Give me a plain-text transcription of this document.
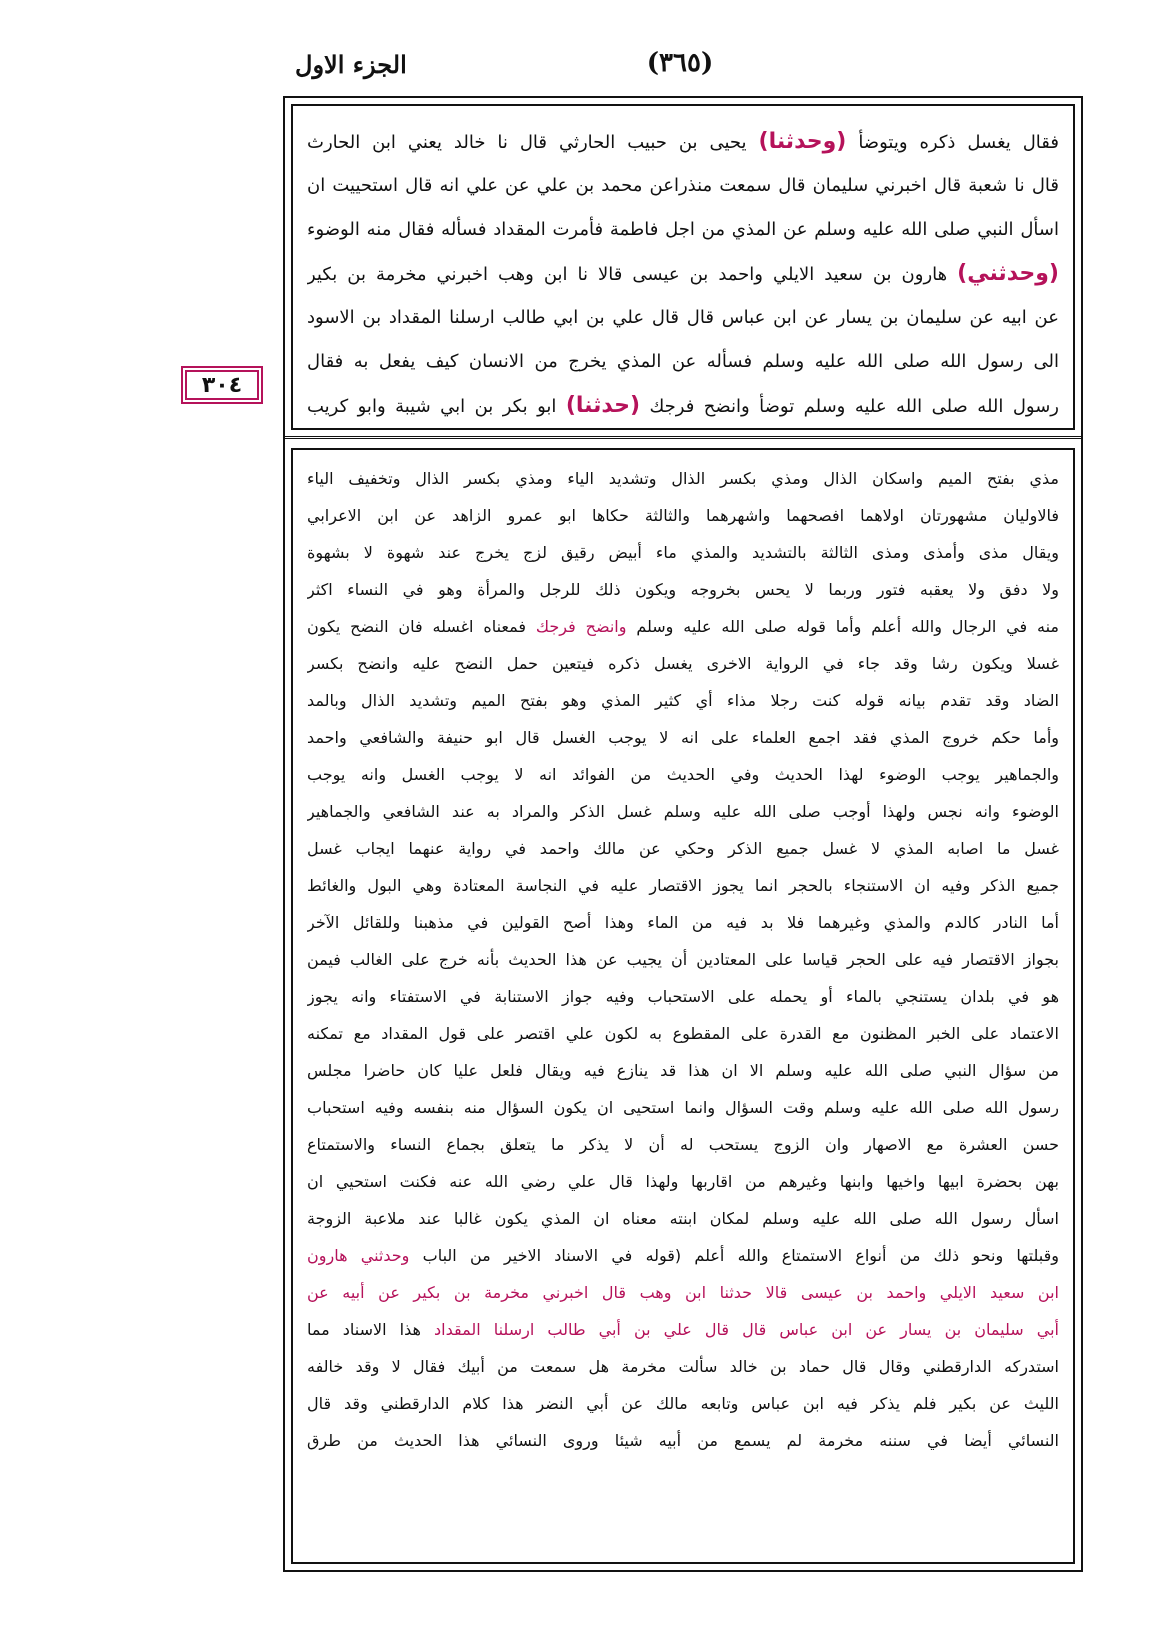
الجزء الاول	(٣٦٥)
٣٠٤
فقال يغسل ذكره ويتوضأ (وحدثنا) يحيى بن حبيب الحارثي قال نا خالد يعني ابن الحارث
قال نا شعبة قال اخبرني سليمان قال سمعت منذراعن محمد بن علي عن علي انه قال استحييت ان
اسأل النبي صلى الله عليه وسلم عن المذي من اجل فاطمة فأمرت المقداد فسأله فقال منه الوضوء
(وحدثني) هارون بن سعيد الايلي واحمد بن عيسى قالا نا ابن وهب اخبرني مخرمة بن بكير
عن ابيه عن سليمان بن يسار عن ابن عباس قال قال علي بن ابي طالب ارسلنا المقداد بن الاسود
الى رسول الله صلى الله عليه وسلم فسأله عن المذي يخرج من الانسان كيف يفعل به فقال
رسول الله صلى الله عليه وسلم توضأ وانضح فرجك (حدثنا) ابو بكر بن ابي شيبة وابو كريب
مذي بفتح الميم واسكان الذال ومذي بكسر الذال وتشديد الياء ومذي بكسر الذال وتخفيف الياء
فالاوليان مشهورتان اولاهما افصحهما واشهرهما والثالثة حكاها ابو عمرو الزاهد عن ابن الاعرابي
ويقال مذى وأمذى ومذى الثالثة بالتشديد والمذي ماء أبيض رقيق لزج يخرج عند شهوة لا بشهوة
ولا دفق ولا يعقبه فتور وربما لا يحس بخروجه ويكون ذلك للرجل والمرأة وهو في النساء اكثر
منه في الرجال والله أعلم وأما قوله صلى الله عليه وسلم وانضح فرجك فمعناه اغسله فان النضح يكون
غسلا ويكون رشا وقد جاء في الرواية الاخرى يغسل ذكره فيتعين حمل النضح عليه وانضح بكسر
الضاد وقد تقدم بيانه قوله كنت رجلا مذاء أي كثير المذي وهو بفتح الميم وتشديد الذال وبالمد
وأما حكم خروج المذي فقد اجمع العلماء على انه لا يوجب الغسل قال ابو حنيفة والشافعي واحمد
والجماهير يوجب الوضوء لهذا الحديث وفي الحديث من الفوائد انه لا يوجب الغسل وانه يوجب
الوضوء وانه نجس ولهذا أوجب صلى الله عليه وسلم غسل الذكر والمراد به عند الشافعي والجماهير
غسل ما اصابه المذي لا غسل جميع الذكر وحكي عن مالك واحمد في رواية عنهما ايجاب غسل
جميع الذكر وفيه ان الاستنجاء بالحجر انما يجوز الاقتصار عليه في النجاسة المعتادة وهي البول والغائط
أما النادر كالدم والمذي وغيرهما فلا بد فيه من الماء وهذا أصح القولين في مذهبنا وللقائل الآخر
بجواز الاقتصار فيه على الحجر قياسا على المعتادين أن يجيب عن هذا الحديث بأنه خرج على الغالب فيمن
هو في بلدان يستنجي بالماء أو يحمله على الاستحباب وفيه جواز الاستنابة في الاستفتاء وانه يجوز
الاعتماد على الخبر المظنون مع القدرة على المقطوع به لكون علي اقتصر على قول المقداد مع تمكنه
من سؤال النبي صلى الله عليه وسلم الا ان هذا قد ينازع فيه ويقال فلعل عليا كان حاضرا مجلس
رسول الله صلى الله عليه وسلم وقت السؤال وانما استحيى ان يكون السؤال منه بنفسه وفيه استحباب
حسن العشرة مع الاصهار وان الزوج يستحب له أن لا يذكر ما يتعلق بجماع النساء والاستمتاع
بهن بحضرة ابيها واخيها وابنها وغيرهم من اقاربها ولهذا قال علي رضي الله عنه فكنت استحيي ان
اسأل رسول الله صلى الله عليه وسلم لمكان ابنته معناه ان المذي يكون غالبا عند ملاعبة الزوجة
وقبلتها ونحو ذلك من أنواع الاستمتاع والله أعلم (قوله في الاسناد الاخير من الباب وحدثني هارون
ابن سعيد الايلي واحمد بن عيسى قالا حدثنا ابن وهب قال اخبرني مخرمة بن بكير عن أبيه عن
أبي سليمان بن يسار عن ابن عباس قال قال علي بن أبي طالب ارسلنا المقداد هذا الاسناد مما
استدركه الدارقطني وقال قال حماد بن خالد سألت مخرمة هل سمعت من أبيك فقال لا وقد خالفه
الليث عن بكير فلم يذكر فيه ابن عباس وتابعه مالك عن أبي النضر هذا كلام الدارقطني وقد قال
النسائي أيضا في سننه مخرمة لم يسمع من أبيه شيئا وروى النسائي هذا الحديث من طرق
